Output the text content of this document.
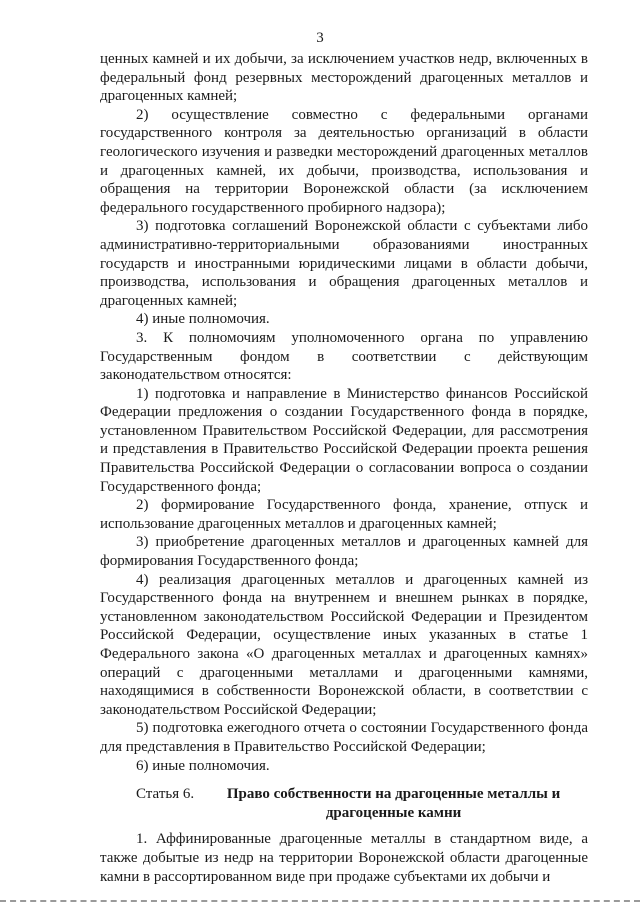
3

ценных камней и их добычи, за исключением участков недр, включенных в федеральный фонд резервных месторождений драгоценных металлов и драгоценных камней;

2) осуществление совместно с федеральными органами государственного контроля за деятельностью организаций в области геологического изучения и разведки месторождений драгоценных металлов и драгоценных камней, их добычи, производства, использования и обращения на территории Воронежской области (за исключением федерального государственного пробирного надзора);

3) подготовка соглашений Воронежской области с субъектами либо административно-территориальными образованиями иностранных государств и иностранными юридическими лицами в области добычи, производства, использования и обращения драгоценных металлов и драгоценных камней;

4) иные полномочия.

3. К полномочиям уполномоченного органа по управлению Государственным фондом в соответствии с действующим законодательством относятся:

1) подготовка и направление в Министерство финансов Российской Федерации предложения о создании Государственного фонда в порядке, установленном Правительством Российской Федерации, для рассмотрения и представления в Правительство Российской Федерации проекта решения Правительства Российской Федерации о согласовании вопроса о создании Государственного фонда;

2) формирование Государственного фонда, хранение, отпуск и использование драгоценных металлов и драгоценных камней;

3) приобретение драгоценных металлов и драгоценных камней для формирования Государственного фонда;

4) реализация драгоценных металлов и драгоценных камней из Государственного фонда на внутреннем и внешнем рынках в порядке, установленном законодательством Российской Федерации и Президентом Российской Федерации, осуществление иных указанных в статье 1 Федерального закона «О драгоценных металлах и драгоценных камнях» операций с драгоценными металлами и драгоценными камнями, находящимися в собственности Воронежской области, в соответствии с законодательством Российской Федерации;

5) подготовка ежегодного отчета о состоянии Государственного фонда для представления в Правительство Российской Федерации;

6) иные полномочия.

Статья 6.	Право собственности на драгоценные металлы и драгоценные камни

1. Аффинированные драгоценные металлы в стандартном виде, а также добытые из недр на территории Воронежской области драгоценные камни в рассортированном виде при продаже субъектами их добычи и
